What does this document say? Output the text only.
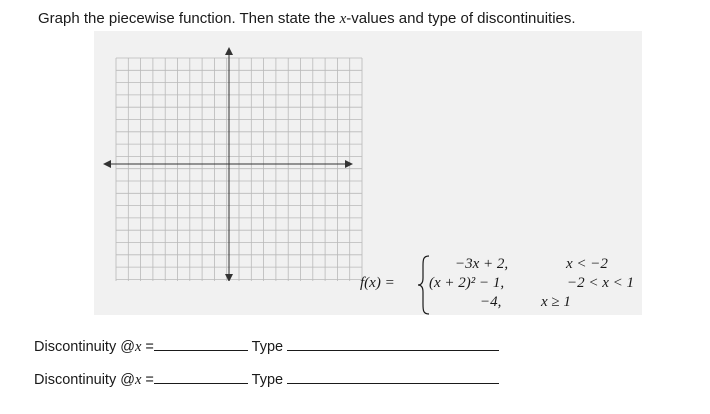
Graph the piecewise function. Then state the x-values and type of discontinuities.
f(x) =
−3x + 2,	x < −2
(x + 2)² − 1,	−2 < x < 1
−4,	x ≥ 1
Discontinuity @x =	Type
Discontinuity @x =	Type
